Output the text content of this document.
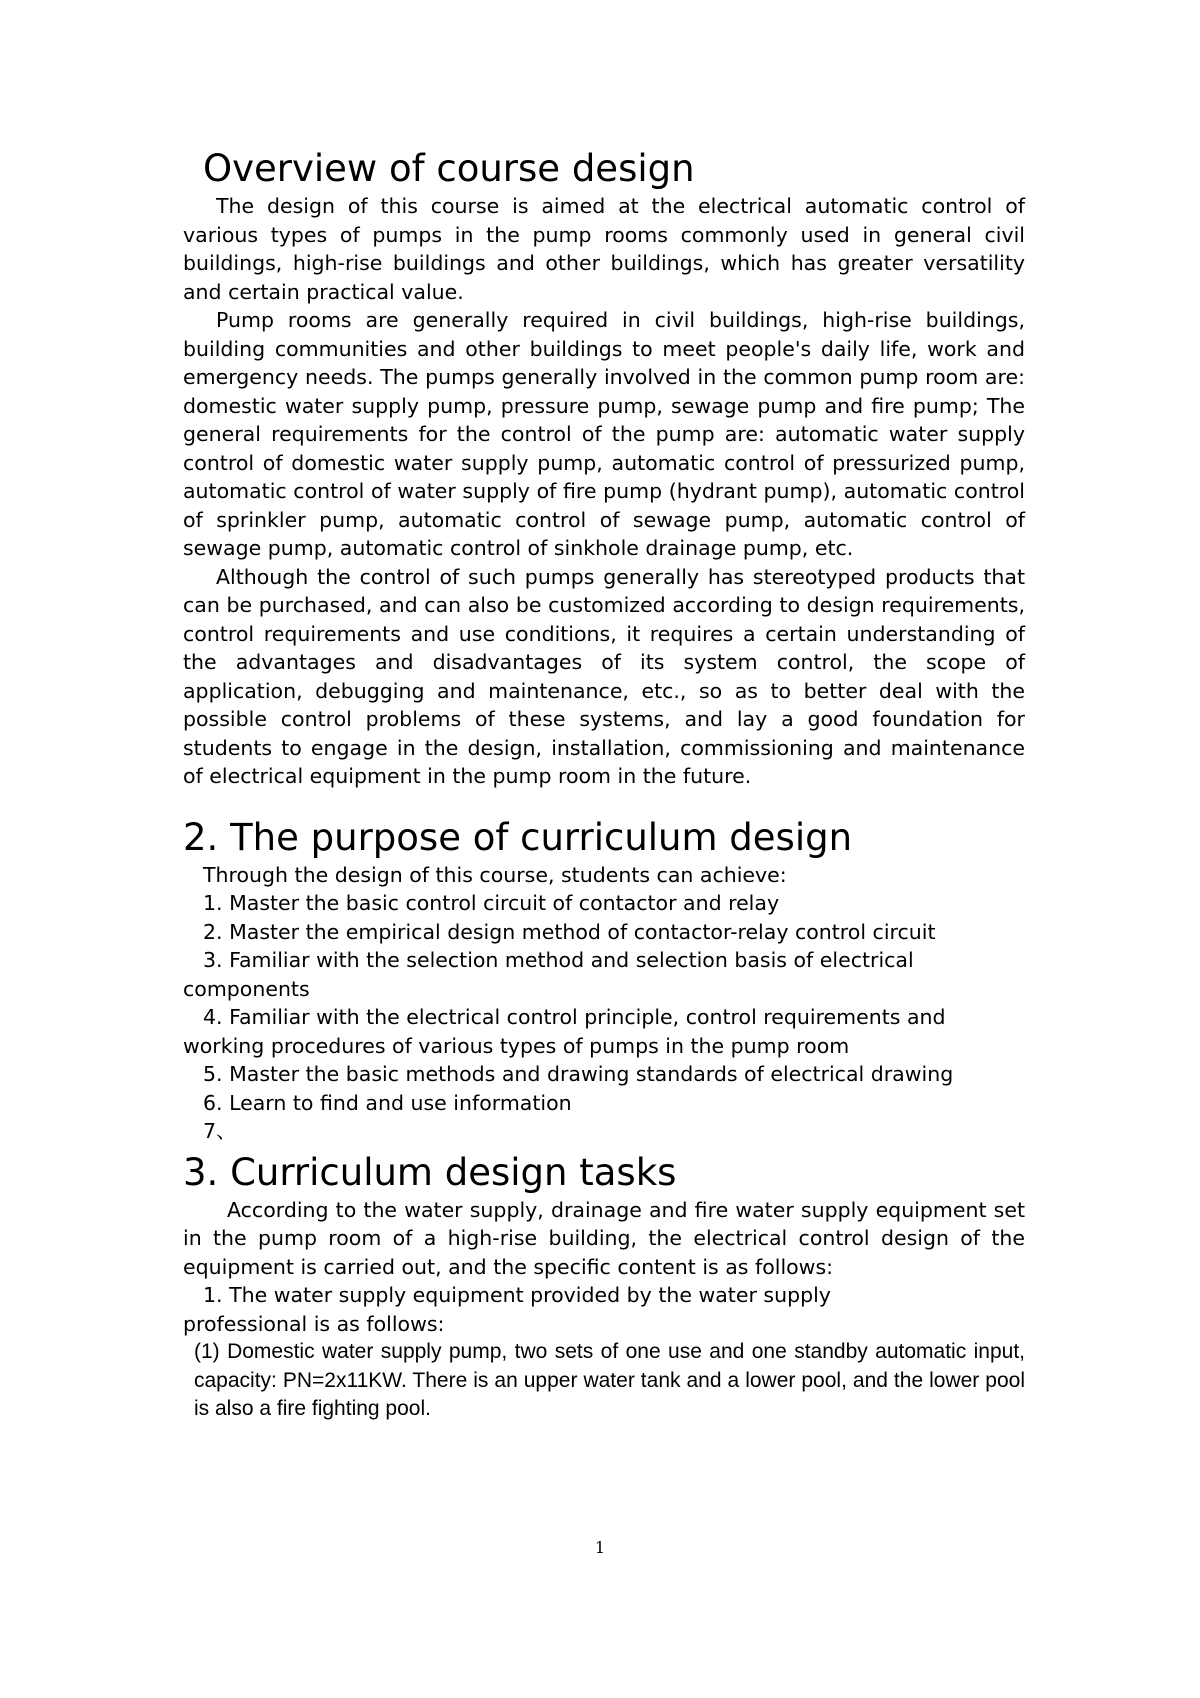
Overview of course design

The design of this course is aimed at the electrical automatic control of various types of pumps in the pump rooms commonly used in general civil buildings, high-rise buildings and other buildings, which has greater versatility and certain practical value.

Pump rooms are generally required in civil buildings, high-rise buildings, building communities and other buildings to meet people's daily life, work and emergency needs. The pumps generally involved in the common pump room are: domestic water supply pump, pressure pump, sewage pump and fire pump; The general requirements for the control of the pump are: automatic water supply control of domestic water supply pump, automatic control of pressurized pump, automatic control of water supply of fire pump (hydrant pump), automatic control of sprinkler pump, automatic control of sewage pump, automatic control of sewage pump, automatic control of sinkhole drainage pump, etc.

Although the control of such pumps generally has stereotyped products that can be purchased, and can also be customized according to design requirements, control requirements and use conditions, it requires a certain understanding of the advantages and disadvantages of its system control, the scope of application, debugging and maintenance, etc., so as to better deal with the possible control problems of these systems, and lay a good foundation for students to engage in the design, installation, commissioning and maintenance of electrical equipment in the pump room in the future.

2. The purpose of curriculum design

Through the design of this course, students can achieve:

1. Master the basic control circuit of contactor and relay

2. Master the empirical design method of contactor-relay control circuit

3. Familiar with the selection method and selection basis of electrical components

4. Familiar with the electrical control principle, control requirements and working procedures of various types of pumps in the pump room

5. Master the basic methods and drawing standards of electrical drawing

6. Learn to find and use information

7、

3. Curriculum design tasks

According to the water supply, drainage and fire water supply equipment set in the pump room of a high-rise building, the electrical control design of the equipment is carried out, and the specific content is as follows:

1. The water supply equipment provided by the water supply

professional is as follows:

(1) Domestic water supply pump, two sets of one use and one standby automatic input, capacity: PN=2x11KW. There is an upper water tank and a lower pool, and the lower pool is also a fire fighting pool.

1
